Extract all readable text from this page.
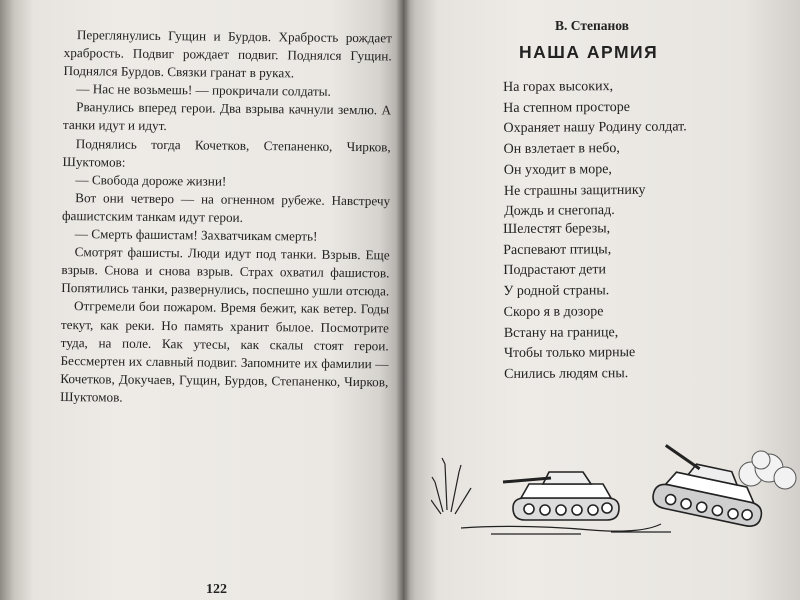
Переглянулись Гущин и Бурдов. Храбрость рождает храбрость. Подвиг рождает подвиг. Поднялся Гущин. Поднялся Бурдов. Связки гранат в руках.

— Нас не возьмешь! — прокричали солдаты.

Рванулись вперед герои. Два взрыва качнули землю. А танки идут и идут.

Поднялись тогда Кочетков, Степаненко, Чирков, Шуктомов:

— Свобода дороже жизни!

Вот они четверо — на огненном рубеже. Навстречу фашистским танкам идут герои.

— Смерть фашистам! Захватчикам смерть!

Смотрят фашисты. Люди идут под танки. Взрыв. Еще взрыв. Снова и снова взрыв. Страх охватил фашистов. Попятились танки, развернулись, поспешно ушли отсюда.

Отгремели бои пожаром. Время бежит, как ветер. Годы текут, как реки. Но память хранит былое. Посмотрите туда, на поле. Как утесы, как скалы стоят герои. Бессмертен их славный подвиг. Запомните их фамилии — Кочетков, Докучаев, Гущин, Бурдов, Степаненко, Чирков, Шуктомов.

122
В. Степанов
НАША АРМИЯ
На горах высоких,
На степном просторе
Охраняет нашу Родину солдат.
Он взлетает в небо,
Он уходит в море,
Не страшны защитнику
Дождь и снегопад.
Шелестят березы,
Распевают птицы,
Подрастают дети
У родной страны.
Скоро я в дозоре
Встану на границе,
Чтобы только мирные
Снились людям сны.
